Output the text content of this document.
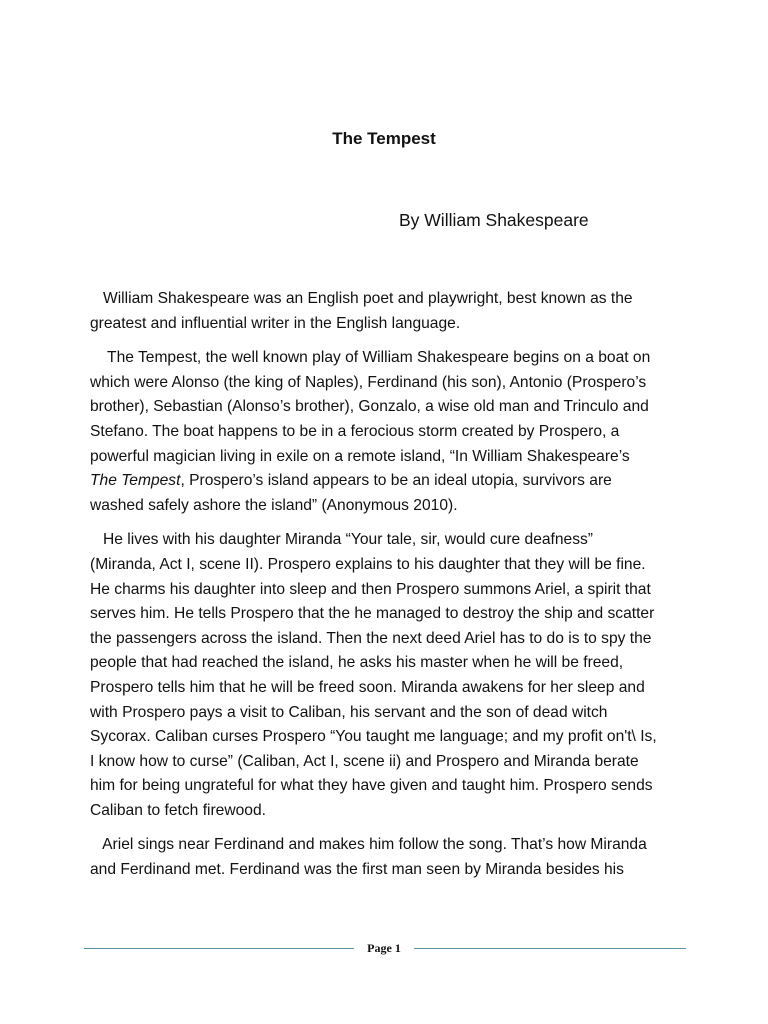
The Tempest
By William Shakespeare

William Shakespeare was an English poet and playwright, best known as the
greatest and influential writer in the English language.

The Tempest, the well known play of William Shakespeare begins on a boat on
which were Alonso (the king of Naples), Ferdinand (his son), Antonio (Prospero’s
brother), Sebastian (Alonso’s brother), Gonzalo, a wise old man and Trinculo and
Stefano. The boat happens to be in a ferocious storm created by Prospero, a
powerful magician living in exile on a remote island, “In William Shakespeare’s
The Tempest, Prospero’s island appears to be an ideal utopia, survivors are
washed safely ashore the island” (Anonymous 2010).

He lives with his daughter Miranda “Your tale, sir, would cure deafness”
(Miranda, Act I, scene II). Prospero explains to his daughter that they will be fine.
He charms his daughter into sleep and then Prospero summons Ariel, a spirit that
serves him. He tells Prospero that the he managed to destroy the ship and scatter
the passengers across the island. Then the next deed Ariel has to do is to spy the
people that had reached the island, he asks his master when he will be freed,
Prospero tells him that he will be freed soon. Miranda awakens for her sleep and
with Prospero pays a visit to Caliban, his servant and the son of dead witch
Sycorax. Caliban curses Prospero “You taught me language; and my profit on't\ Is,
I know how to curse” (Caliban, Act I, scene ii) and Prospero and Miranda berate
him for being ungrateful for what they have given and taught him. Prospero sends
Caliban to fetch firewood.

Ariel sings near Ferdinand and makes him follow the song. That’s how Miranda
and Ferdinand met. Ferdinand was the first man seen by Miranda besides his

Page 1
